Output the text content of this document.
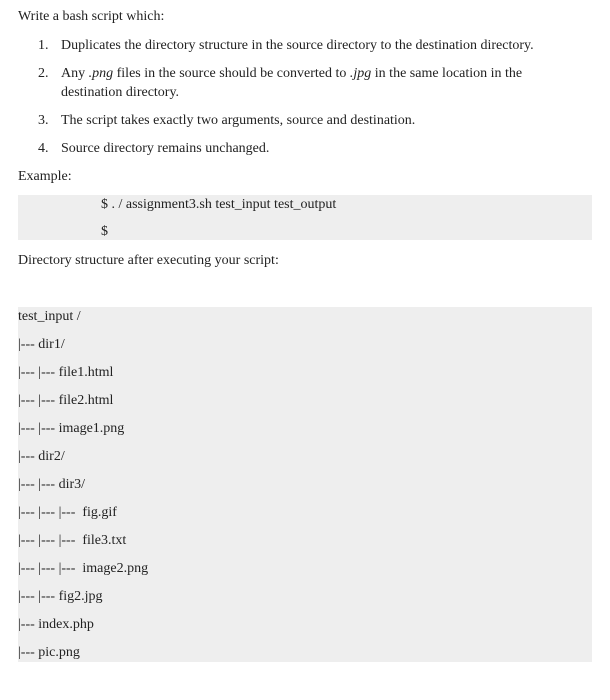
Write a bash script which:
1. Duplicates the directory structure in the source directory to the destination directory.
2. Any .png files in the source should be converted to .jpg in the same location in the destination directory.
3. The script takes exactly two arguments, source and destination.
4. Source directory remains unchanged.
Example:
$ . / assignment3.sh test_input test_output
$
Directory structure after executing your script:
test_input /
|--- dir1/
|--- |--- file1.html
|--- |--- file2.html
|--- |--- image1.png
|--- dir2/
|--- |--- dir3/
|--- |--- |---  fig.gif
|--- |--- |---  file3.txt
|--- |--- |---  image2.png
|--- |--- fig2.jpg
|--- index.php
|--- pic.png
